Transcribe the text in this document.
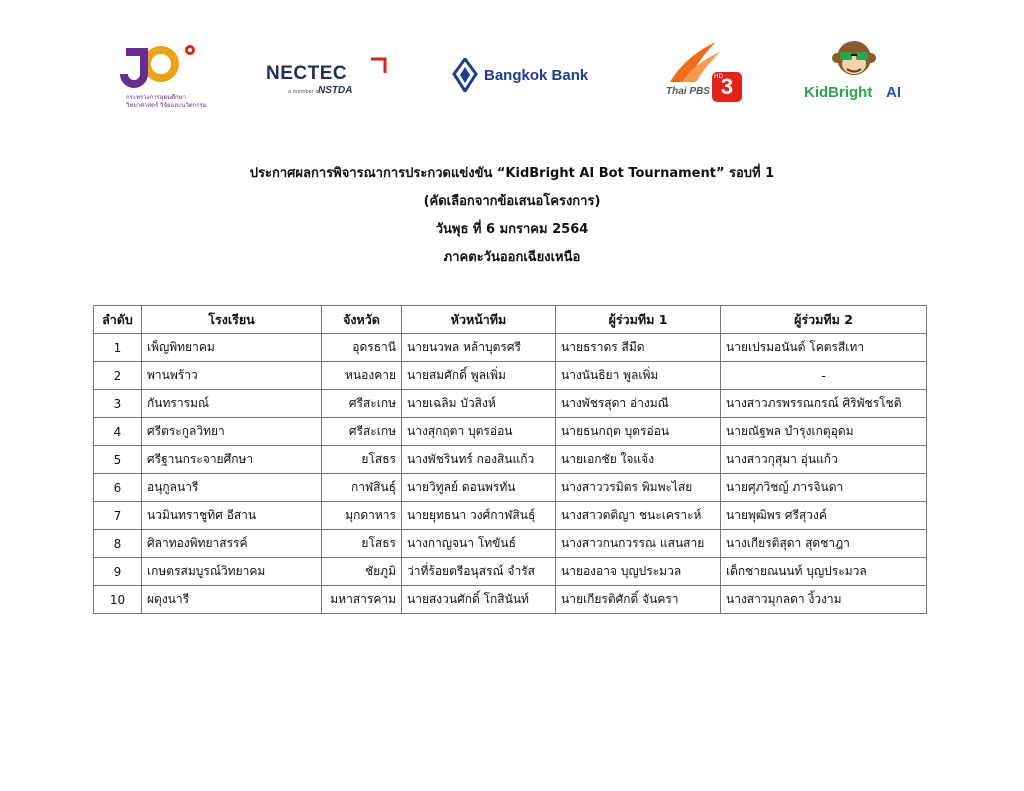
กระทรวงการอุดมศึกษา
วิทยาศาสตร์ วิจัยและนวัตกรรม
NECTEC
a member of
NSTDA
Bangkok Bank
Thai PBS
HD
3	KidBright AI
ประกาศผลการพิจารณาการประกวดแข่งขัน “KidBright AI Bot Tournament” รอบที่ 1
(คัดเลือกจากข้อเสนอโครงการ)
วันพุธ ที่ 6 มกราคม 2564
ภาคตะวันออกเฉียงเหนือ
ลำดับ	โรงเรียน	จังหวัด	หัวหน้าทีม	ผู้ร่วมทีม 1	ผู้ร่วมทีม 2
1	เพ็ญพิทยาคม	อุดรธานี	นายนวพล หล้าบุตรศรี	นายธราดร สีมืด	นายเปรมอนันต์ โคตรสีเทา
2	พานพร้าว	หนองคาย	นายสมศักดิ์ พูลเพิ่ม	นางนันธิยา พูลเพิ่ม	-
3	กันทรารมณ์	ศรีสะเกษ	นายเฉลิม บัวสิงห์	นางพัชรสุดา อ่างมณี	นางสาวภรพรรณกรณ์ ศิริพัชรโชติ
4	ศรีตระกูลวิทยา	ศรีสะเกษ	นางสุกฤตา บุตรอ่อน	นายธนกฤต บุตรอ่อน	นายณัฐพล บำรุงเกตุอุดม
5	ศรีฐานกระจายศึกษา	ยโสธร	นางพัชรินทร์ กองสินแก้ว	นายเอกชัย ใจแจ้ง	นางสาวกุสุมา อุ่นแก้ว
6	อนุกูลนารี	กาฬสินธุ์	นายวิทูลย์ ดอนพรทัน	นางสาววรมิตร พิมพะไสย	นายศุภวิชญ์ ภารจินดา
7	นวมินทราชูทิศ อีสาน	มุกดาหาร	นายยุทธนา วงศ์กาฬสินธุ์	นางสาวตติญา ชนะเคราะห์	นายพุฒิพร ศรีสุวงค์
8	ศิลาทองพิทยาสรรค์	ยโสธร	นางกาญจนา โทขันธ์	นางสาวกนกวรรณ แสนสาย	นางเกียรติสุดา สุดชาฎา
9	เกษตรสมบูรณ์วิทยาคม	ชัยภูมิ	ว่าที่ร้อยตรีอนุสรณ์ จำรัส	นายองอาจ บุญประมวล	เด็กชายณนนท์ บุญประมวล
10	ผดุงนารี	มหาสารคาม	นายสงวนศักดิ์ โกสินันท์	นายเกียรติศักดิ์ จันครา	นางสาวมุกลดา งิ้วงาม
